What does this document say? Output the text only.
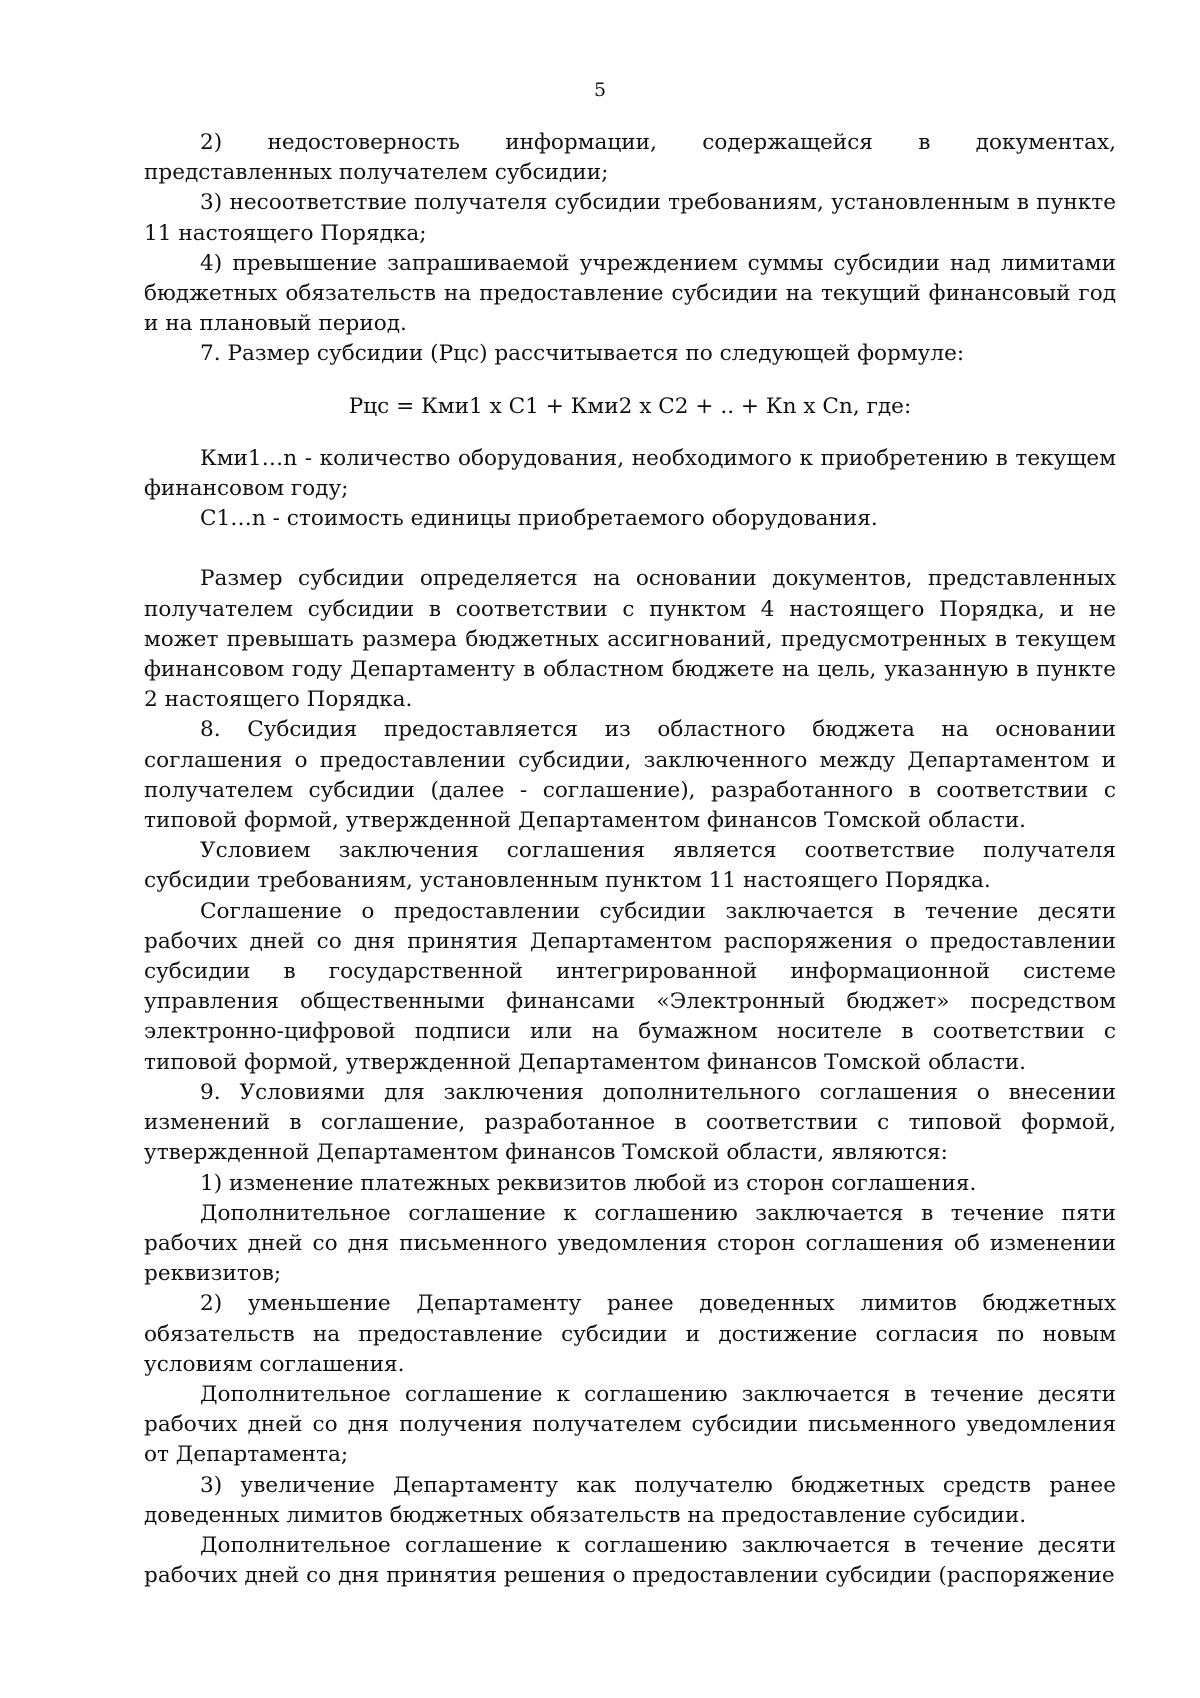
5

2) недостоверность информации, содержащейся в документах, представленных получателем субсидии;

3) несоответствие получателя субсидии требованиям, установленным в пункте 11 настоящего Порядка;

4) превышение запрашиваемой учреждением суммы субсидии над лимитами бюджетных обязательств на предоставление субсидии на текущий финансовый год и на плановый период.

7. Размер субсидии (Рцс) рассчитывается по следующей формуле:

Рцс = Кми1 x C1 + Кми2 x C2 + .. + Кn x Cn, где:

Кми1…n - количество оборудования, необходимого к приобретению в текущем финансовом году;

C1…n - стоимость единицы приобретаемого оборудования.

Размер субсидии определяется на основании документов, представленных получателем субсидии в соответствии с пунктом 4 настоящего Порядка, и не может превышать размера бюджетных ассигнований, предусмотренных в текущем финансовом году Департаменту в областном бюджете на цель, указанную в пункте 2 настоящего Порядка.

8. Субсидия предоставляется из областного бюджета на основании соглашения о предоставлении субсидии, заключенного между Департаментом и получателем субсидии (далее - соглашение), разработанного в соответствии с типовой формой, утвержденной Департаментом финансов Томской области.

Условием заключения соглашения является соответствие получателя субсидии требованиям, установленным пунктом 11 настоящего Порядка.

Соглашение о предоставлении субсидии заключается в течение десяти рабочих дней со дня принятия Департаментом распоряжения о предоставлении субсидии в государственной интегрированной информационной системе управления общественными финансами «Электронный бюджет» посредством электронно-цифровой подписи или на бумажном носителе в соответствии с типовой формой, утвержденной Департаментом финансов Томской области.

9. Условиями для заключения дополнительного соглашения о внесении изменений в соглашение, разработанное в соответствии с типовой формой, утвержденной Департаментом финансов Томской области, являются:

1) изменение платежных реквизитов любой из сторон соглашения.

Дополнительное соглашение к соглашению заключается в течение пяти рабочих дней со дня письменного уведомления сторон соглашения об изменении реквизитов;

2) уменьшение Департаменту ранее доведенных лимитов бюджетных обязательств на предоставление субсидии и достижение согласия по новым условиям соглашения.

Дополнительное соглашение к соглашению заключается в течение десяти рабочих дней со дня получения получателем субсидии письменного уведомления от Департамента;

3) увеличение Департаменту как получателю бюджетных средств ранее доведенных лимитов бюджетных обязательств на предоставление субсидии.

Дополнительное соглашение к соглашению заключается в течение десяти рабочих дней со дня принятия решения о предоставлении субсидии (распоряжение
